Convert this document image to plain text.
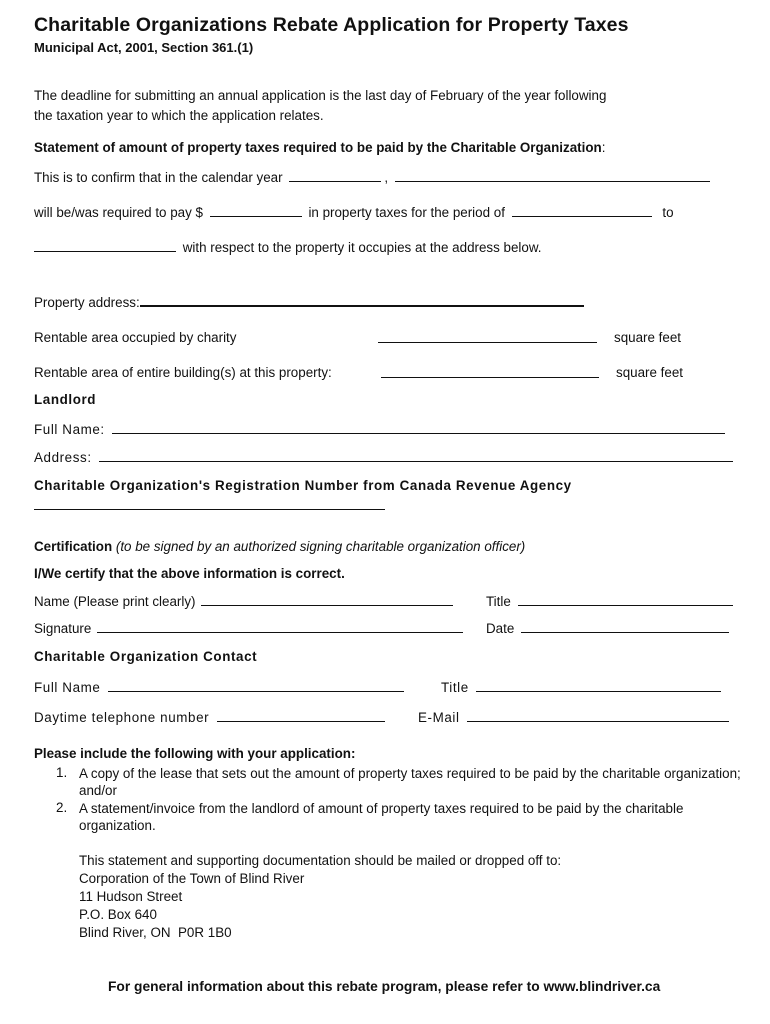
Charitable Organizations Rebate Application for Property Taxes
Municipal Act, 2001, Section 361.(1)
The deadline for submitting an annual application is the last day of February of the year following
the taxation year to which the application relates.
Statement of amount of property taxes required to be paid by the Charitable Organization:
This is to confirm that in the calendar year	,
will be/was required to pay $	in property taxes for the period of	to
with respect to the property it occupies at the address below.
Property address:
Rentable area occupied by charity	square feet
Rentable area of entire building(s) at this property:	square feet
Landlord
Full Name:
Address:
Charitable Organization's Registration Number from Canada Revenue Agency
Certification (to be signed by an authorized signing charitable organization officer)
I/We certify that the above information is correct.
Name (Please print clearly)	Title
Signature	Date
Charitable Organization Contact
Full Name	Title
Daytime telephone number	E-Mail
Please include the following with your application:
1. A copy of the lease that sets out the amount of property taxes required to be paid by the charitable organization; and/or
2. A statement/invoice from the landlord of amount of property taxes required to be paid by the charitable organization.
This statement and supporting documentation should be mailed or dropped off to:
Corporation of the Town of Blind River
11 Hudson Street
P.O. Box 640
Blind River, ON  P0R 1B0
For general information about this rebate program, please refer to www.blindriver.ca
